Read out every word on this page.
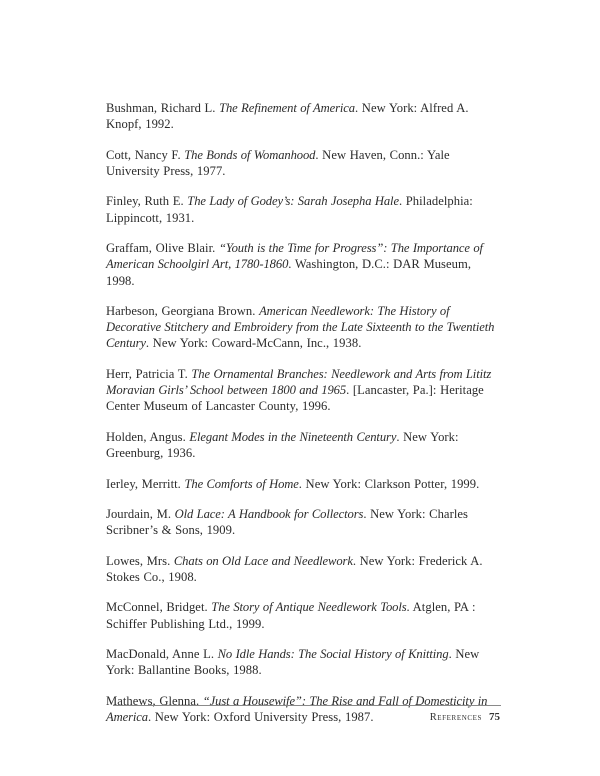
Bushman, Richard L. The Refinement of America. New York: Alfred A. Knopf, 1992.

Cott, Nancy F. The Bonds of Womanhood. New Haven, Conn.: Yale University Press, 1977.

Finley, Ruth E. The Lady of Godey’s: Sarah Josepha Hale. Philadelphia: Lippincott, 1931.

Graffam, Olive Blair. “Youth is the Time for Progress”: The Importance of American Schoolgirl Art, 1780-1860. Washington, D.C.: DAR Museum, 1998.

Harbeson, Georgiana Brown. American Needlework: The History of Decorative Stitchery and Embroidery from the Late Sixteenth to the Twentieth Century. New York: Coward-McCann, Inc., 1938.

Herr, Patricia T. The Ornamental Branches: Needlework and Arts from Lititz Moravian Girls’ School between 1800 and 1965. [Lancaster, Pa.]: Heritage Center Museum of Lancaster County, 1996.

Holden, Angus. Elegant Modes in the Nineteenth Century. New York: Greenburg, 1936.

Ierley, Merritt. The Comforts of Home. New York: Clarkson Potter, 1999.

Jourdain, M. Old Lace: A Handbook for Collectors. New York: Charles Scribner’s & Sons, 1909.

Lowes, Mrs. Chats on Old Lace and Needlework. New York: Frederick A. Stokes Co., 1908.

McConnel, Bridget. The Story of Antique Needlework Tools. Atglen, PA : Schiffer Publishing Ltd., 1999.

MacDonald, Anne L. No Idle Hands: The Social History of Knitting. New York: Ballantine Books, 1988.

Mathews, Glenna. “Just a Housewife”: The Rise and Fall of Domesticity in America. New York: Oxford University Press, 1987.	References 75
